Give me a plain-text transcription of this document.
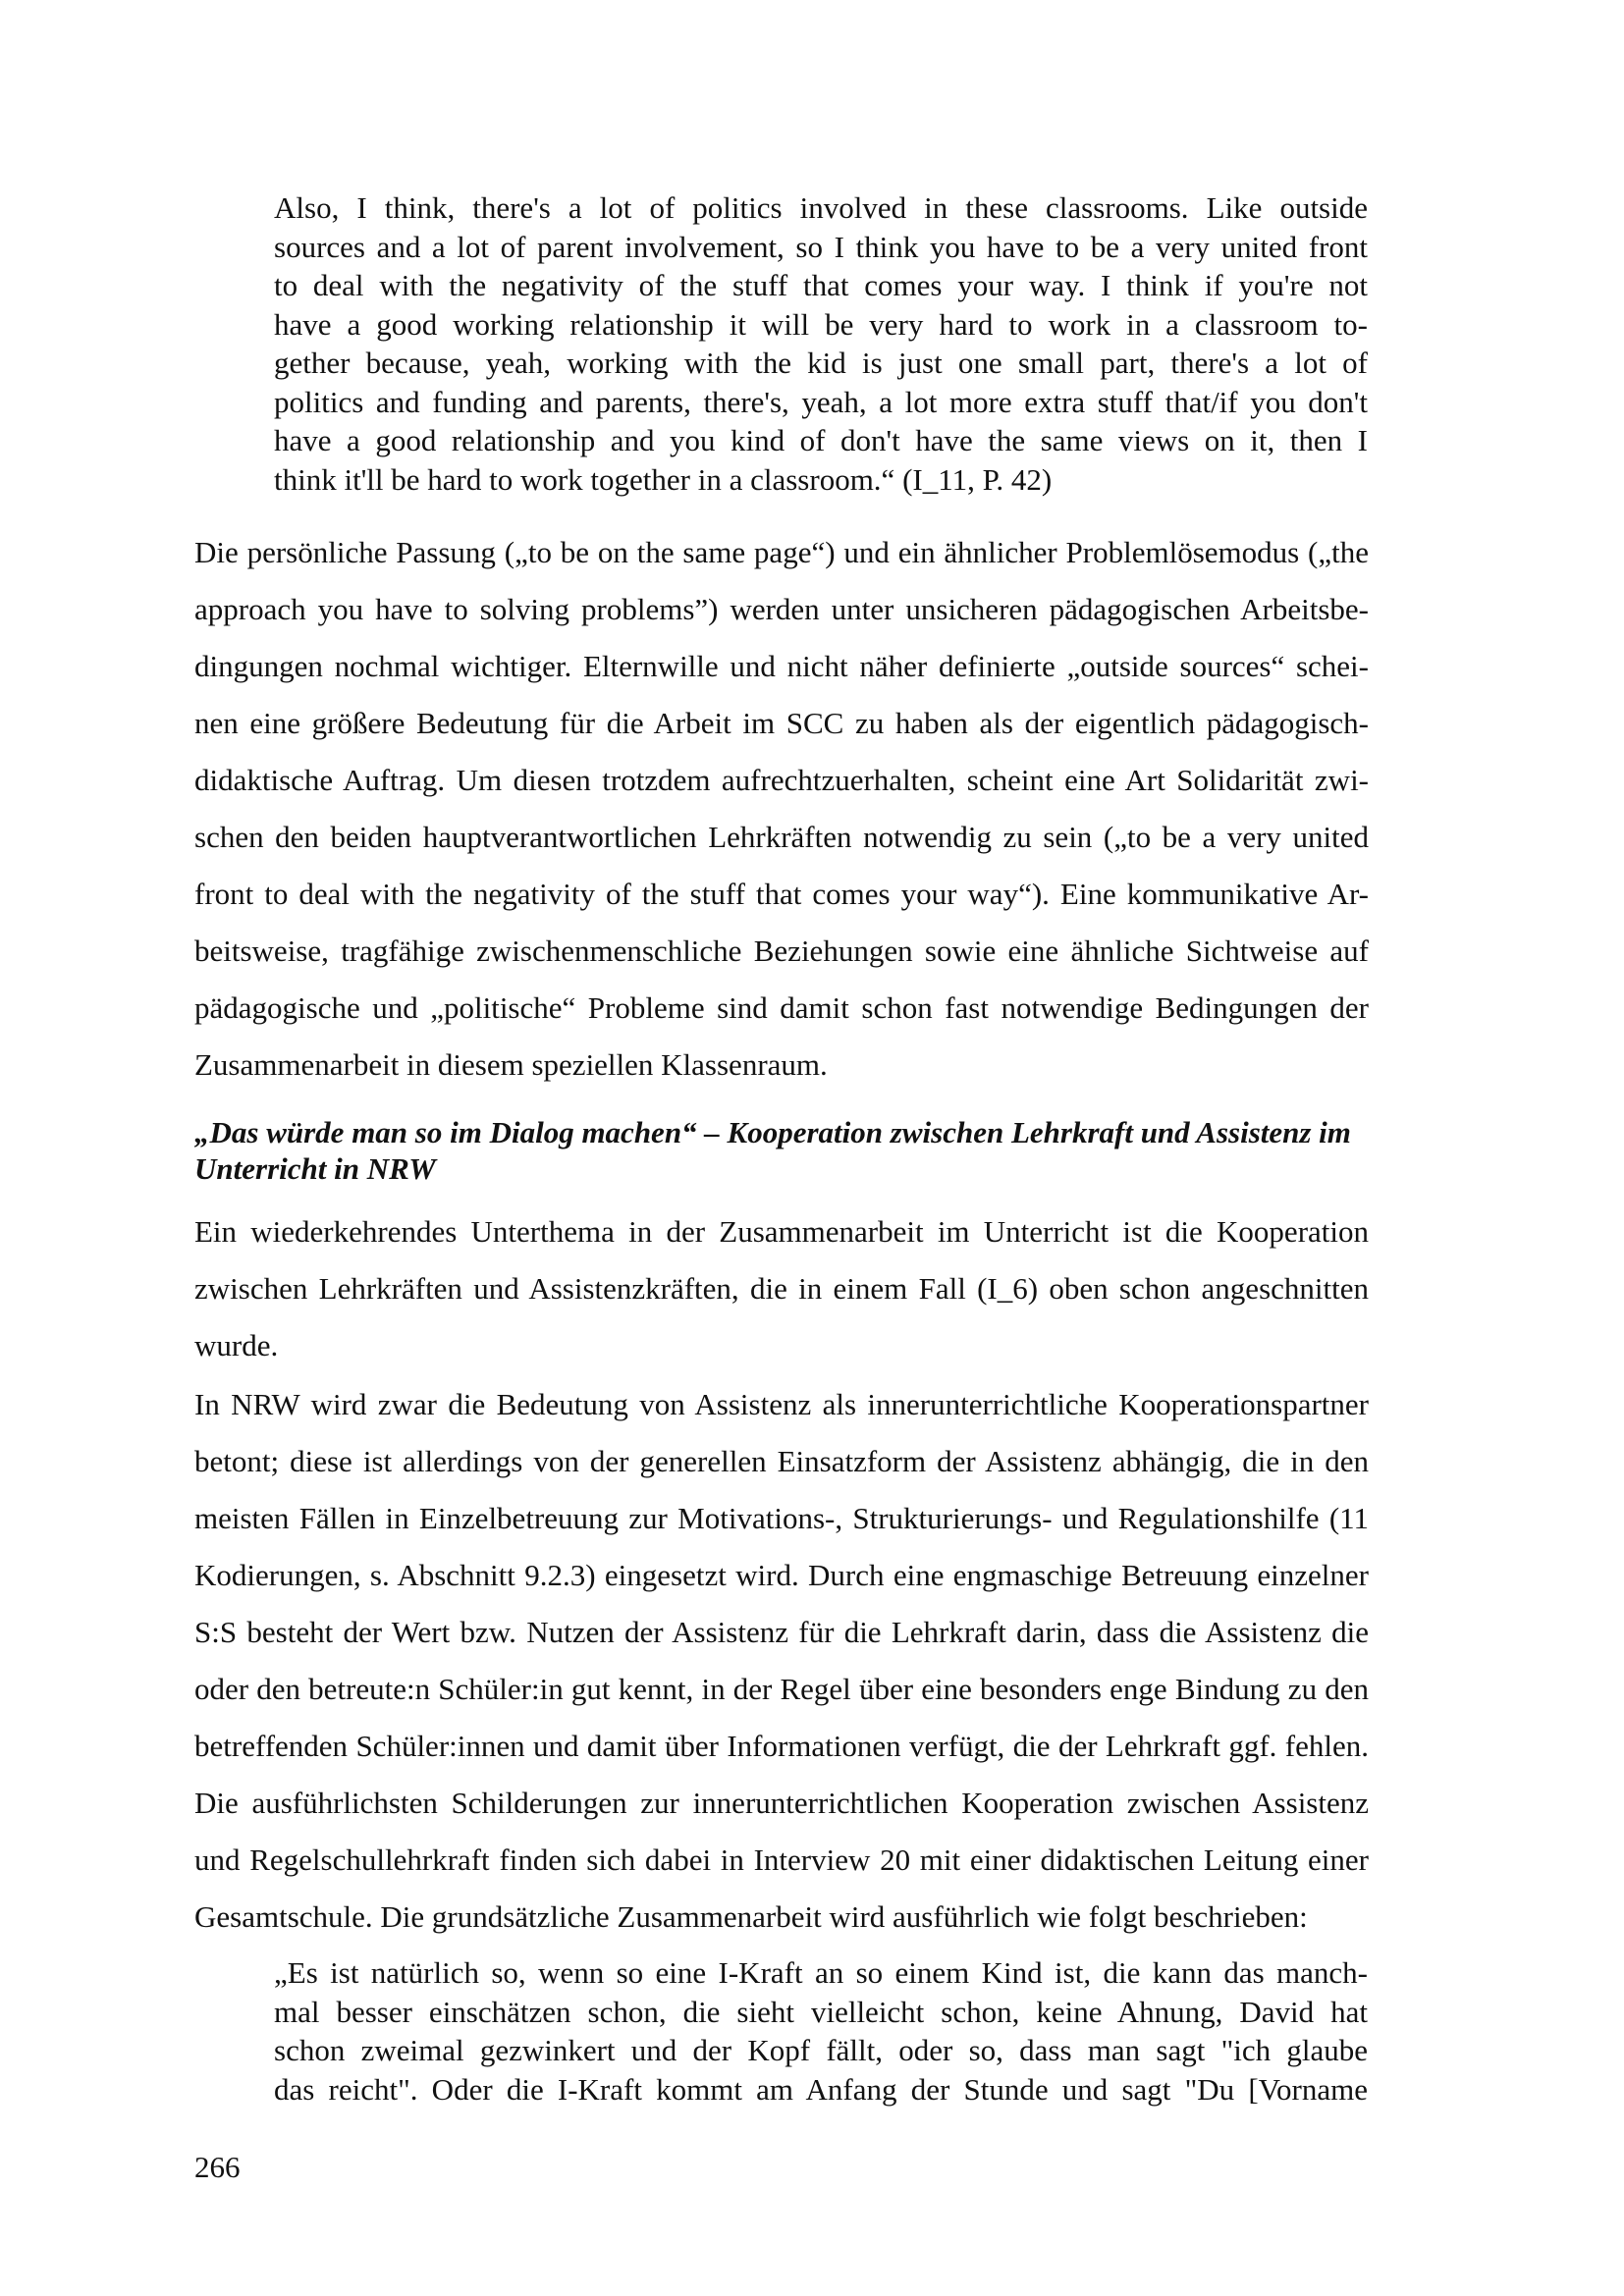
Also, I think, there's a lot of politics involved in these classrooms. Like outside
sources and a lot of parent involvement, so I think you have to be a very united front
to deal with the negativity of the stuff that comes your way. I think if you're not
have a good working relationship it will be very hard to work in a classroom to-
gether because, yeah, working with the kid is just one small part, there's a lot of
politics and funding and parents, there's, yeah, a lot more extra stuff that/if you don't
have a good relationship and you kind of don't have the same views on it, then I
think it'll be hard to work together in a classroom.“ (I_11, P. 42)
Die persönliche Passung („to be on the same page“) und ein ähnlicher Problemlösemodus („the
approach you have to solving problems”) werden unter unsicheren pädagogischen Arbeitsbe-
dingungen nochmal wichtiger. Elternwille und nicht näher definierte „outside sources“ schei-
nen eine größere Bedeutung für die Arbeit im SCC zu haben als der eigentlich pädagogisch-
didaktische Auftrag. Um diesen trotzdem aufrechtzuerhalten, scheint eine Art Solidarität zwi-
schen den beiden hauptverantwortlichen Lehrkräften notwendig zu sein („to be a very united
front to deal with the negativity of the stuff that comes your way“). Eine kommunikative Ar-
beitsweise, tragfähige zwischenmenschliche Beziehungen sowie eine ähnliche Sichtweise auf
pädagogische und „politische“ Probleme sind damit schon fast notwendige Bedingungen der
Zusammenarbeit in diesem speziellen Klassenraum.
„Das würde man so im Dialog machen“ – Kooperation zwischen Lehrkraft und Assistenz im
Unterricht in NRW
Ein wiederkehrendes Unterthema in der Zusammenarbeit im Unterricht ist die Kooperation
zwischen Lehrkräften und Assistenzkräften, die in einem Fall (I_6) oben schon angeschnitten
wurde.
In NRW wird zwar die Bedeutung von Assistenz als innerunterrichtliche Kooperationspartner
betont; diese ist allerdings von der generellen Einsatzform der Assistenz abhängig, die in den
meisten Fällen in Einzelbetreuung zur Motivations-, Strukturierungs- und Regulationshilfe (11
Kodierungen, s. Abschnitt 9.2.3) eingesetzt wird. Durch eine engmaschige Betreuung einzelner
S:S besteht der Wert bzw. Nutzen der Assistenz für die Lehrkraft darin, dass die Assistenz die
oder den betreute:n Schüler:in gut kennt, in der Regel über eine besonders enge Bindung zu den
betreffenden Schüler:innen und damit über Informationen verfügt, die der Lehrkraft ggf. fehlen.
Die ausführlichsten Schilderungen zur innerunterrichtlichen Kooperation zwischen Assistenz
und Regelschullehrkraft finden sich dabei in Interview 20 mit einer didaktischen Leitung einer
Gesamtschule. Die grundsätzliche Zusammenarbeit wird ausführlich wie folgt beschrieben:
„Es ist natürlich so, wenn so eine I-Kraft an so einem Kind ist, die kann das manch-
mal besser einschätzen schon, die sieht vielleicht schon, keine Ahnung, David hat
schon zweimal gezwinkert und der Kopf fällt, oder so, dass man sagt "ich glaube
das reicht". Oder die I-Kraft kommt am Anfang der Stunde und sagt "Du [Vorname

266
